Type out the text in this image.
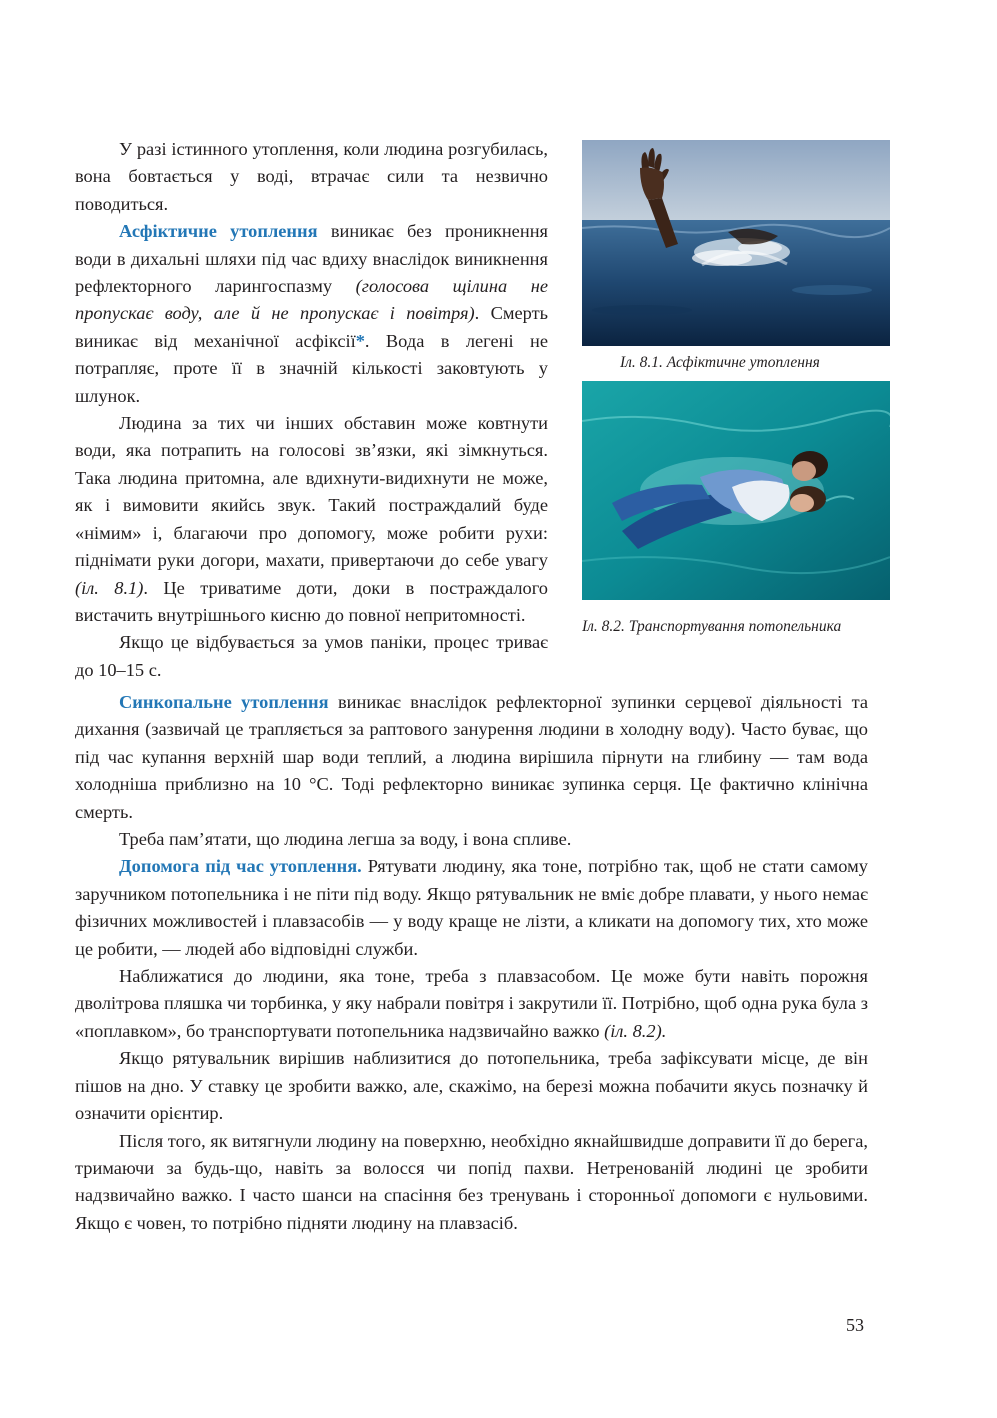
У разі істинного утоплення, коли людина розгубилась, вона бовтається у воді, втрачає сили та незвично поводиться.

Асфіктичне утоплення виникає без проникнення води в дихальні шляхи під час вдиху внаслідок виникнення рефлекторного ларингоспазму (голосова щілина не пропускає воду, але й не пропускає і повітря). Смерть виникає від механічної асфіксії*. Вода в легені не потрапляє, проте її в значній кількості заковтують у шлунок.

Людина за тих чи інших обставин може ковтнути води, яка потрапить на голосові зв’язки, які зімкнуться. Така людина притомна, але вдихнути-видихнути не може, як і вимовити якийсь звук. Такий постраждалий буде «німим» і, благаючи про допомогу, може робити рухи: піднімати руки догори, махати, привертаючи до себе увагу (іл. 8.1). Це триватиме доти, доки в постраждалого вистачить внутрішнього кисню до повної непритомності.

Якщо це відбувається за умов паніки, процес триває до 10–15 с.

Іл. 8.1. Асфіктичне утоплення
Іл. 8.2. Транспортування потопельника

Синкопальне утоплення виникає внаслідок рефлекторної зупинки серцевої діяльності та дихання (зазвичай це трапляється за раптового занурення людини в холодну воду). Часто буває, що під час купання верхній шар води теплий, а людина вирішила пірнути на глибину — там вода холодніша приблизно на 10 °С. Тоді рефлекторно виникає зупинка серця. Це фактично клінічна смерть.

Треба пам’ятати, що людина легша за воду, і вона спливе.

Допомога під час утоплення. Рятувати людину, яка тоне, потрібно так, щоб не стати самому заручником потопельника і не піти під воду. Якщо рятувальник не вміє добре плавати, у нього немає фізичних можливостей і плавзасобів — у воду краще не лізти, а кликати на допомогу тих, хто може це робити, — людей або відповідні служби.

Наближатися до людини, яка тоне, треба з плавзасобом. Це може бути навіть порожня дволітрова пляшка чи торбинка, у яку набрали повітря і закрутили її. Потрібно, щоб одна рука була з «поплавком», бо транспортувати потопельника надзвичайно важко (іл. 8.2).

Якщо рятувальник вирішив наблизитися до потопельника, треба зафіксувати місце, де він пішов на дно. У ставку це зробити важко, але, скажімо, на березі можна побачити якусь позначку й означити орієнтир.

Після того, як витягнули людину на поверхню, необхідно якнайшвидше доправити її до берега, тримаючи за будь-що, навіть за волосся чи попід пахви. Нетренованій людині це зробити надзвичайно важко. І часто шанси на спасіння без тренувань і сторонньої допомоги є нульовими. Якщо є човен, то потрібно підняти людину на плавзасіб.

53
